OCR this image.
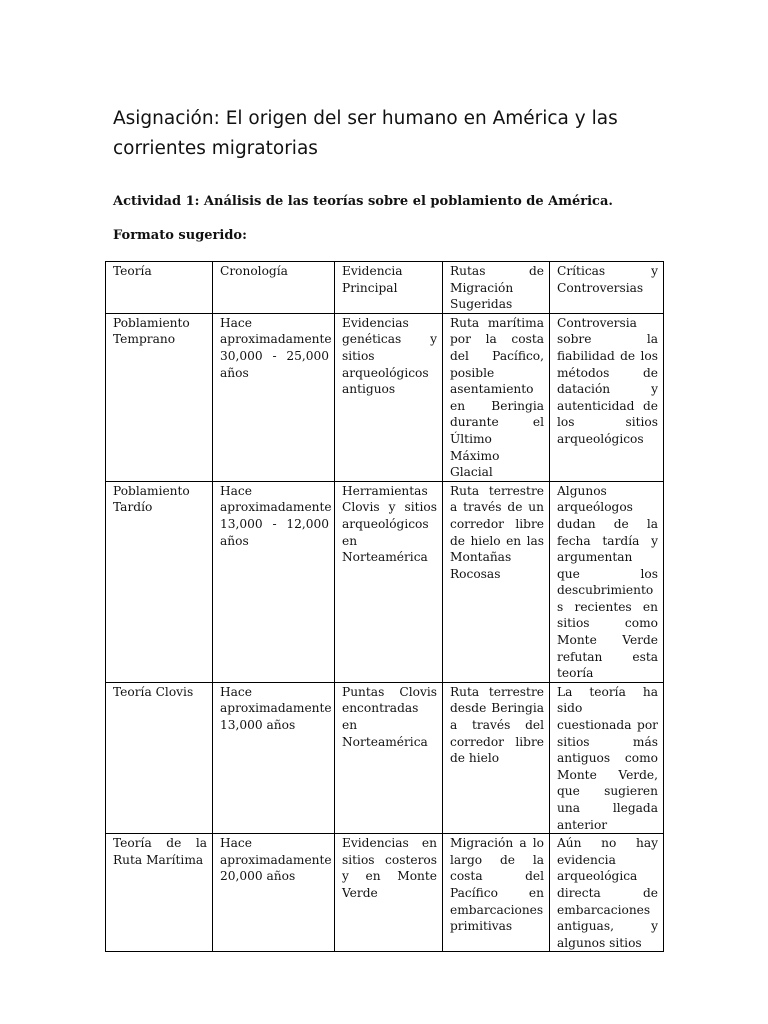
Asignación: El origen del ser humano en América y las corrientes migratorias

Actividad 1: Análisis de las teorías sobre el poblamiento de América.

Formato sugerido:

Teoría	Cronología	Evidencia Principal	Rutas de Migración Sugeridas	Críticas y Controversias
Poblamiento Temprano	Hace aproximadamente 30,000 - 25,000 años	Evidencias genéticas y sitios arqueológicos antiguos	Ruta marítima por la costa del Pacífico, posible asentamiento en Beringia durante el Último Máximo Glacial	Controversia sobre la fiabilidad de los métodos de datación y autenticidad de los sitios arqueológicos
Poblamiento Tardío	Hace aproximadamente 13,000 - 12,000 años	Herramientas Clovis y sitios arqueológicos en Norteamérica	Ruta terrestre a través de un corredor libre de hielo en las Montañas Rocosas	Algunos arqueólogos dudan de la fecha tardía y argumentan que los descubrimiento s recientes en sitios como Monte Verde refutan esta teoría
Teoría Clovis	Hace aproximadamente 13,000 años	Puntas Clovis encontradas en Norteamérica	Ruta terrestre desde Beringia a través del corredor libre de hielo	La teoría ha sido cuestionada por sitios más antiguos como Monte Verde, que sugieren una llegada anterior
Teoría de la Ruta Marítima	Hace aproximadamente 20,000 años	Evidencias en sitios costeros y en Monte Verde	Migración a lo largo de la costa del Pacífico en embarcaciones primitivas	Aún no hay evidencia arqueológica directa de embarcaciones antiguas, y algunos sitios
